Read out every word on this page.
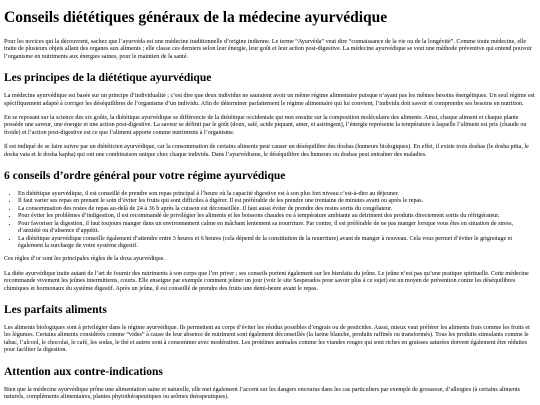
Conseils diététiques généraux de la médecine ayurvédique

Pour les novices qui la découvrent, sachez que l’ayurvéda est une médecine traditionnelle d’origine indienne. Le terme “Ayurvéda” veut dire “connaissance de la vie ou de la longévité”. Comme toute médecine, elle traite de plusieurs objets allant des organes aux aliments ; elle classe ces derniers selon leur énergie, leur goût et leur action post-digestive. La médecine ayurvédique se veut une méthode préventive qui entend pouvoir l’organisme en nutriments aux énergies saines, pour le maintien de la santé.

Les principes de la diététique ayurvédique

La médecine ayurvédique est basée sur un principe d’individualité ; c’est dire que deux individus ne sauraient avoir un même régime alimentaire puisque n’ayant pas les mêmes besoins énergétiques. Un seul régime est spécifiquement adapté à corriger les déséquilibres de l’organisme d’un individu. Afin de déterminer parfaitement le régime alimentaire qui lui convient, l’individu doit savoir et comprendre ses besoins en nutrition.

En se reposant sur la science des six goûts, la diététique ayurvédique se différencie de la diététique occidentale qui met ensuite sur la composition moléculaire des aliments. Ainsi, chaque aliment et chaque plante possède une saveur, une énergie et une action post-digestive. La saveur se définit par le goût (doux, salé, acide piquant, amer, et astringent), l’énergie représente la température à laquelle l’aliment est pris (chaude ou froide) et l’action post-digestive est ce que l’aliment apporte comme nutriments à l’organisme.

Il est indiqué de se faire suivre par un diététicien ayurvédique, car la consommation de certains aliments peut causer un déséquilibre des doshas (humeurs biologiques). En effet, il existe trois doshas (le dosha pitta, le dosha vata et le dosha kapha) qui ont une combinaison unique chez chaque individu. Dans l’ayurvédisme, le déséquilibre des humeurs ou doshas peut entraîner des maladies.

6 conseils d’ordre général pour votre régime ayurvédique
• En diététique ayurvédique, il est conseillé de prendre son repas principal à l’heure où la capacité digestive est à son plus fort niveau c’est-à-dire au déjeuner.
• Il faut varier ses repas en prenant le soin d’éviter les fruits qui sont difficiles à digérer. Il est préférable de les prendre une trentaine de minutes avant ou après le repas.
• La consommation des restes de repas au-delà de 24 à 36 h après la cuisson est déconseillée. Il faut aussi éviter de prendre des restes sortis du congélateur.
• Pour éviter les problèmes d’indigestion, il est recommandé de privilégier les aliments et les boissons chaudes ou à température ambiante au détriment des produits directement sortis du réfrigérateur.
• Pour favoriser la digestion, il faut toujours manger dans un environnement calme en mâchant lentement sa nourriture. Par contre, il est préférable de ne pas manger lorsque vous êtes en situation de stress, d’anxiété ou d’absence d’appétit.
• La diététique ayurvédique conseille également d’attendre entre 3 heures et 6 heures (cela dépend de la constitution de la nourriture) avant de manger à nouveau. Cela vous permet d’éviter le grignotage et également la surcharge de votre système digestif.

Ces règles d’or sont les principales règles de la doxa ayurvédique.

La diète ayurvédique traite autant de l’art de fournir des nutriments à son corps que l’en priver ; ses conseils portent également sur les bienfaits du jeûne. Le jeûne n’est pas qu’une pratique spirituelle. Cette médecine recommande vivement les jeûnes intermittents, courts. Elle enseigne par exemple comment jeûner un jour (voir le site Sesperados pour savoir plus à ce sujet) est un moyen de prévention contre les déséquilibres chimiques et hormonaux du système digestif. Après un jeûne, il est conseillé de prendre des fruits une demi-heure avant le repas.

Les parfaits aliments

Les aliments biologiques sont à privilégier dans le régime ayurvédique. Ils permettent au corps d’éviter les résidus possibles d’engrais ou de pesticides. Aussi, mieux vaut préférer les aliments frais comme les fruits et les légumes. Certains aliments considérés comme “vides” à cause de leur absence de nutriment sont également déconseillés (la farine blanche, produits raffinés ou transformés). Tous les produits stimulants comme le tabac, l’alcool, le chocolat, le café, les sodas, le thé et autres sont à consommer avec modération. Les protéines animales comme les viandes rouges qui sont riches en graisses saturées doivent également être réduites pour faciliter la digestion.

Attention aux contre-indications

Bien que la médecine ayurvédique prône une alimentation saine et naturelle, elle met également l’accent sur les dangers encourus dans les cas particuliers par exemple de grossesse, d’allergies (à certains aliments naturels, compléments alimentaires, plantes phytothérapeutiques ou arômes thérapeutiques).
